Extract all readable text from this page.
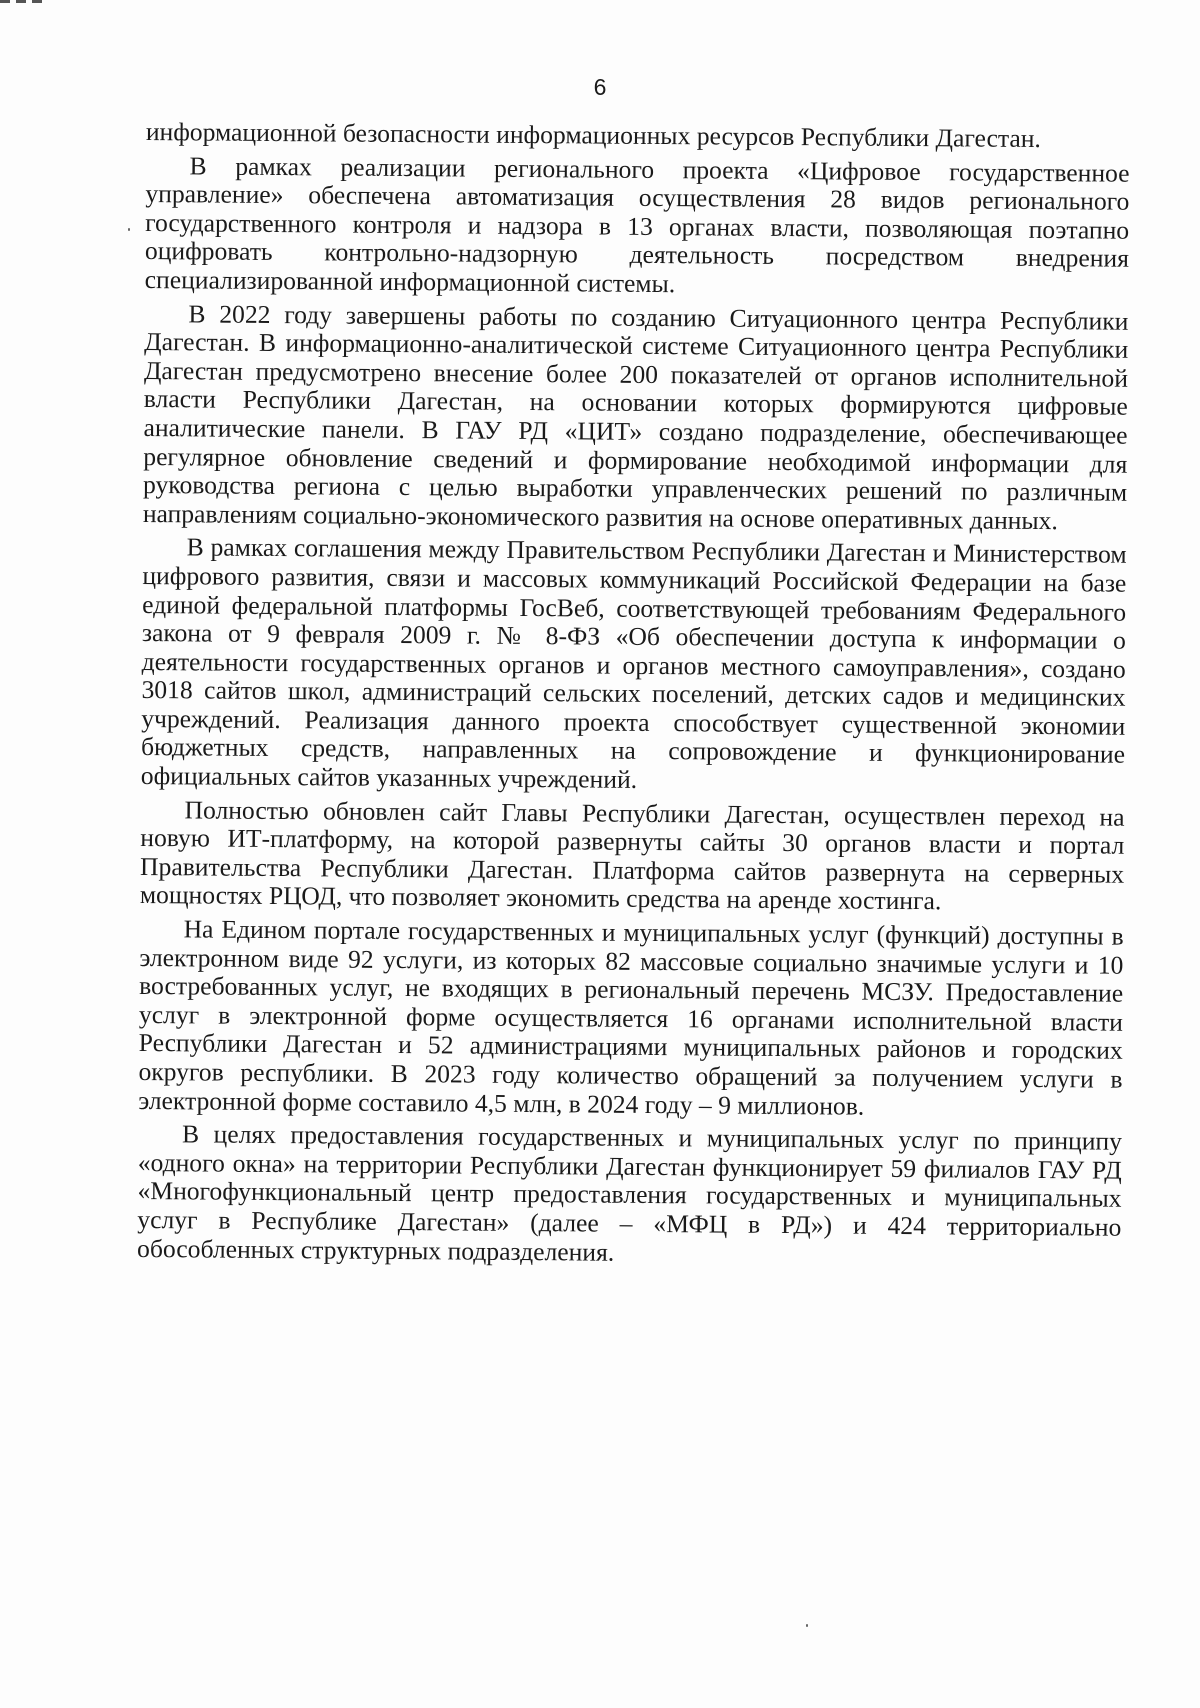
6

информационной безопасности информационных ресурсов Республики Дагестан.

В рамках реализации регионального проекта «Цифровое государственное управление» обеспечена автоматизация осуществления 28 видов регионального государственного контроля и надзора в 13 органах власти, позволяющая поэтапно оцифровать контрольно-надзорную деятельность посредством внедрения специализированной информационной системы.

В 2022 году завершены работы по созданию Ситуационного центра Республики Дагестан. В информационно-аналитической системе Ситуационного центра Республики Дагестан предусмотрено внесение более 200 показателей от органов исполнительной власти Республики Дагестан, на основании которых формируются цифровые аналитические панели. В ГАУ РД «ЦИТ» создано подразделение, обеспечивающее регулярное обновление сведений и формирование необходимой информации для руководства региона с целью выработки управленческих решений по различным направлениям социально-экономического развития на основе оперативных данных.

В рамках соглашения между Правительством Республики Дагестан и Министерством цифрового развития, связи и массовых коммуникаций Российской Федерации на базе единой федеральной платформы ГосВеб, соответствующей требованиям Федерального закона от 9 февраля 2009 г. № 8-ФЗ «Об обеспечении доступа к информации о деятельности государственных органов и органов местного самоуправления», создано 3018 сайтов школ, администраций сельских поселений, детских садов и медицинских учреждений. Реализация данного проекта способствует существенной экономии бюджетных средств, направленных на сопровождение и функционирование официальных сайтов указанных учреждений.

Полностью обновлен сайт Главы Республики Дагестан, осуществлен переход на новую ИТ-платформу, на которой развернуты сайты 30 органов власти и портал Правительства Республики Дагестан. Платформа сайтов развернута на серверных мощностях РЦОД, что позволяет экономить средства на аренде хостинга.

На Едином портале государственных и муниципальных услуг (функций) доступны в электронном виде 92 услуги, из которых 82 массовые социально значимые услуги и 10 востребованных услуг, не входящих в региональный перечень МСЗУ. Предоставление услуг в электронной форме осуществляется 16 органами исполнительной власти Республики Дагестан и 52 администрациями муниципальных районов и городских округов республики. В 2023 году количество обращений за получением услуги в электронной форме составило 4,5 млн, в 2024 году – 9 миллионов.

В целях предоставления государственных и муниципальных услуг по принципу «одного окна» на территории Республики Дагестан функционирует 59 филиалов ГАУ РД «Многофункциональный центр предоставления государственных и муниципальных услуг в Республике Дагестан» (далее – «МФЦ в РД») и 424 территориально обособленных структурных подразделения.
